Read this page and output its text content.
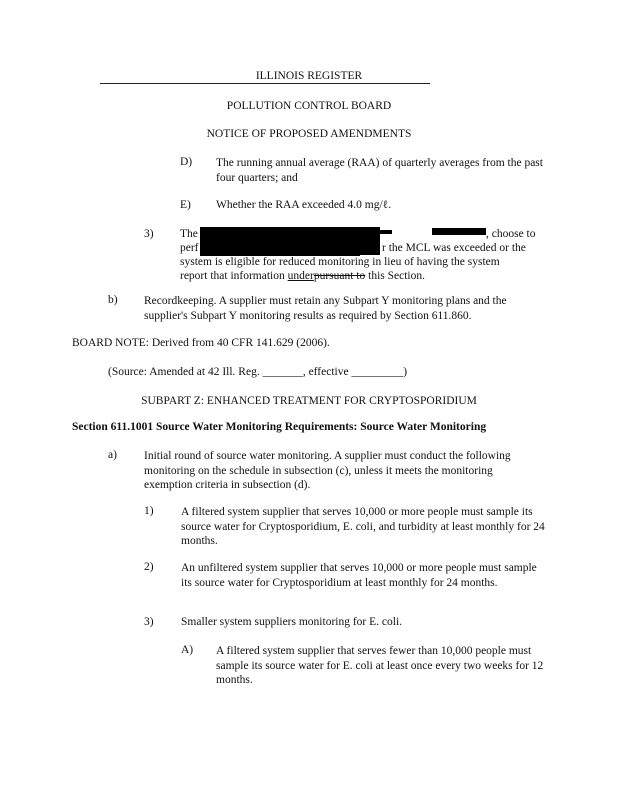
ILLINOIS REGISTER
POLLUTION CONTROL BOARD
NOTICE OF PROPOSED AMENDMENTS
D) The running annual average (RAA) of quarterly averages from the past four quarters; and
E) Whether the RAA exceeded 4.0 mg/ℓ.
3) The	, choose to
perf	r the MCL was exceeded or the
system is eligible for reduced monitoring in lieu of having the system
report that information underpursuant to this Section.
b) Recordkeeping. A supplier must retain any Subpart Y monitoring plans and the supplier's Subpart Y monitoring results as required by Section 611.860.
BOARD NOTE: Derived from 40 CFR 141.629 (2006).
(Source: Amended at 42 Ill. Reg. _______, effective _________)
SUBPART Z: ENHANCED TREATMENT FOR CRYPTOSPORIDIUM
Section 611.1001 Source Water Monitoring Requirements: Source Water Monitoring
a) Initial round of source water monitoring. A supplier must conduct the following monitoring on the schedule in subsection (c), unless it meets the monitoring exemption criteria in subsection (d).
1) A filtered system supplier that serves 10,000 or more people must sample its source water for Cryptosporidium, E. coli, and turbidity at least monthly for 24 months.
2) An unfiltered system supplier that serves 10,000 or more people must sample its source water for Cryptosporidium at least monthly for 24 months.
3) Smaller system suppliers monitoring for E. coli.
A) A filtered system supplier that serves fewer than 10,000 people must sample its source water for E. coli at least once every two weeks for 12 months.
